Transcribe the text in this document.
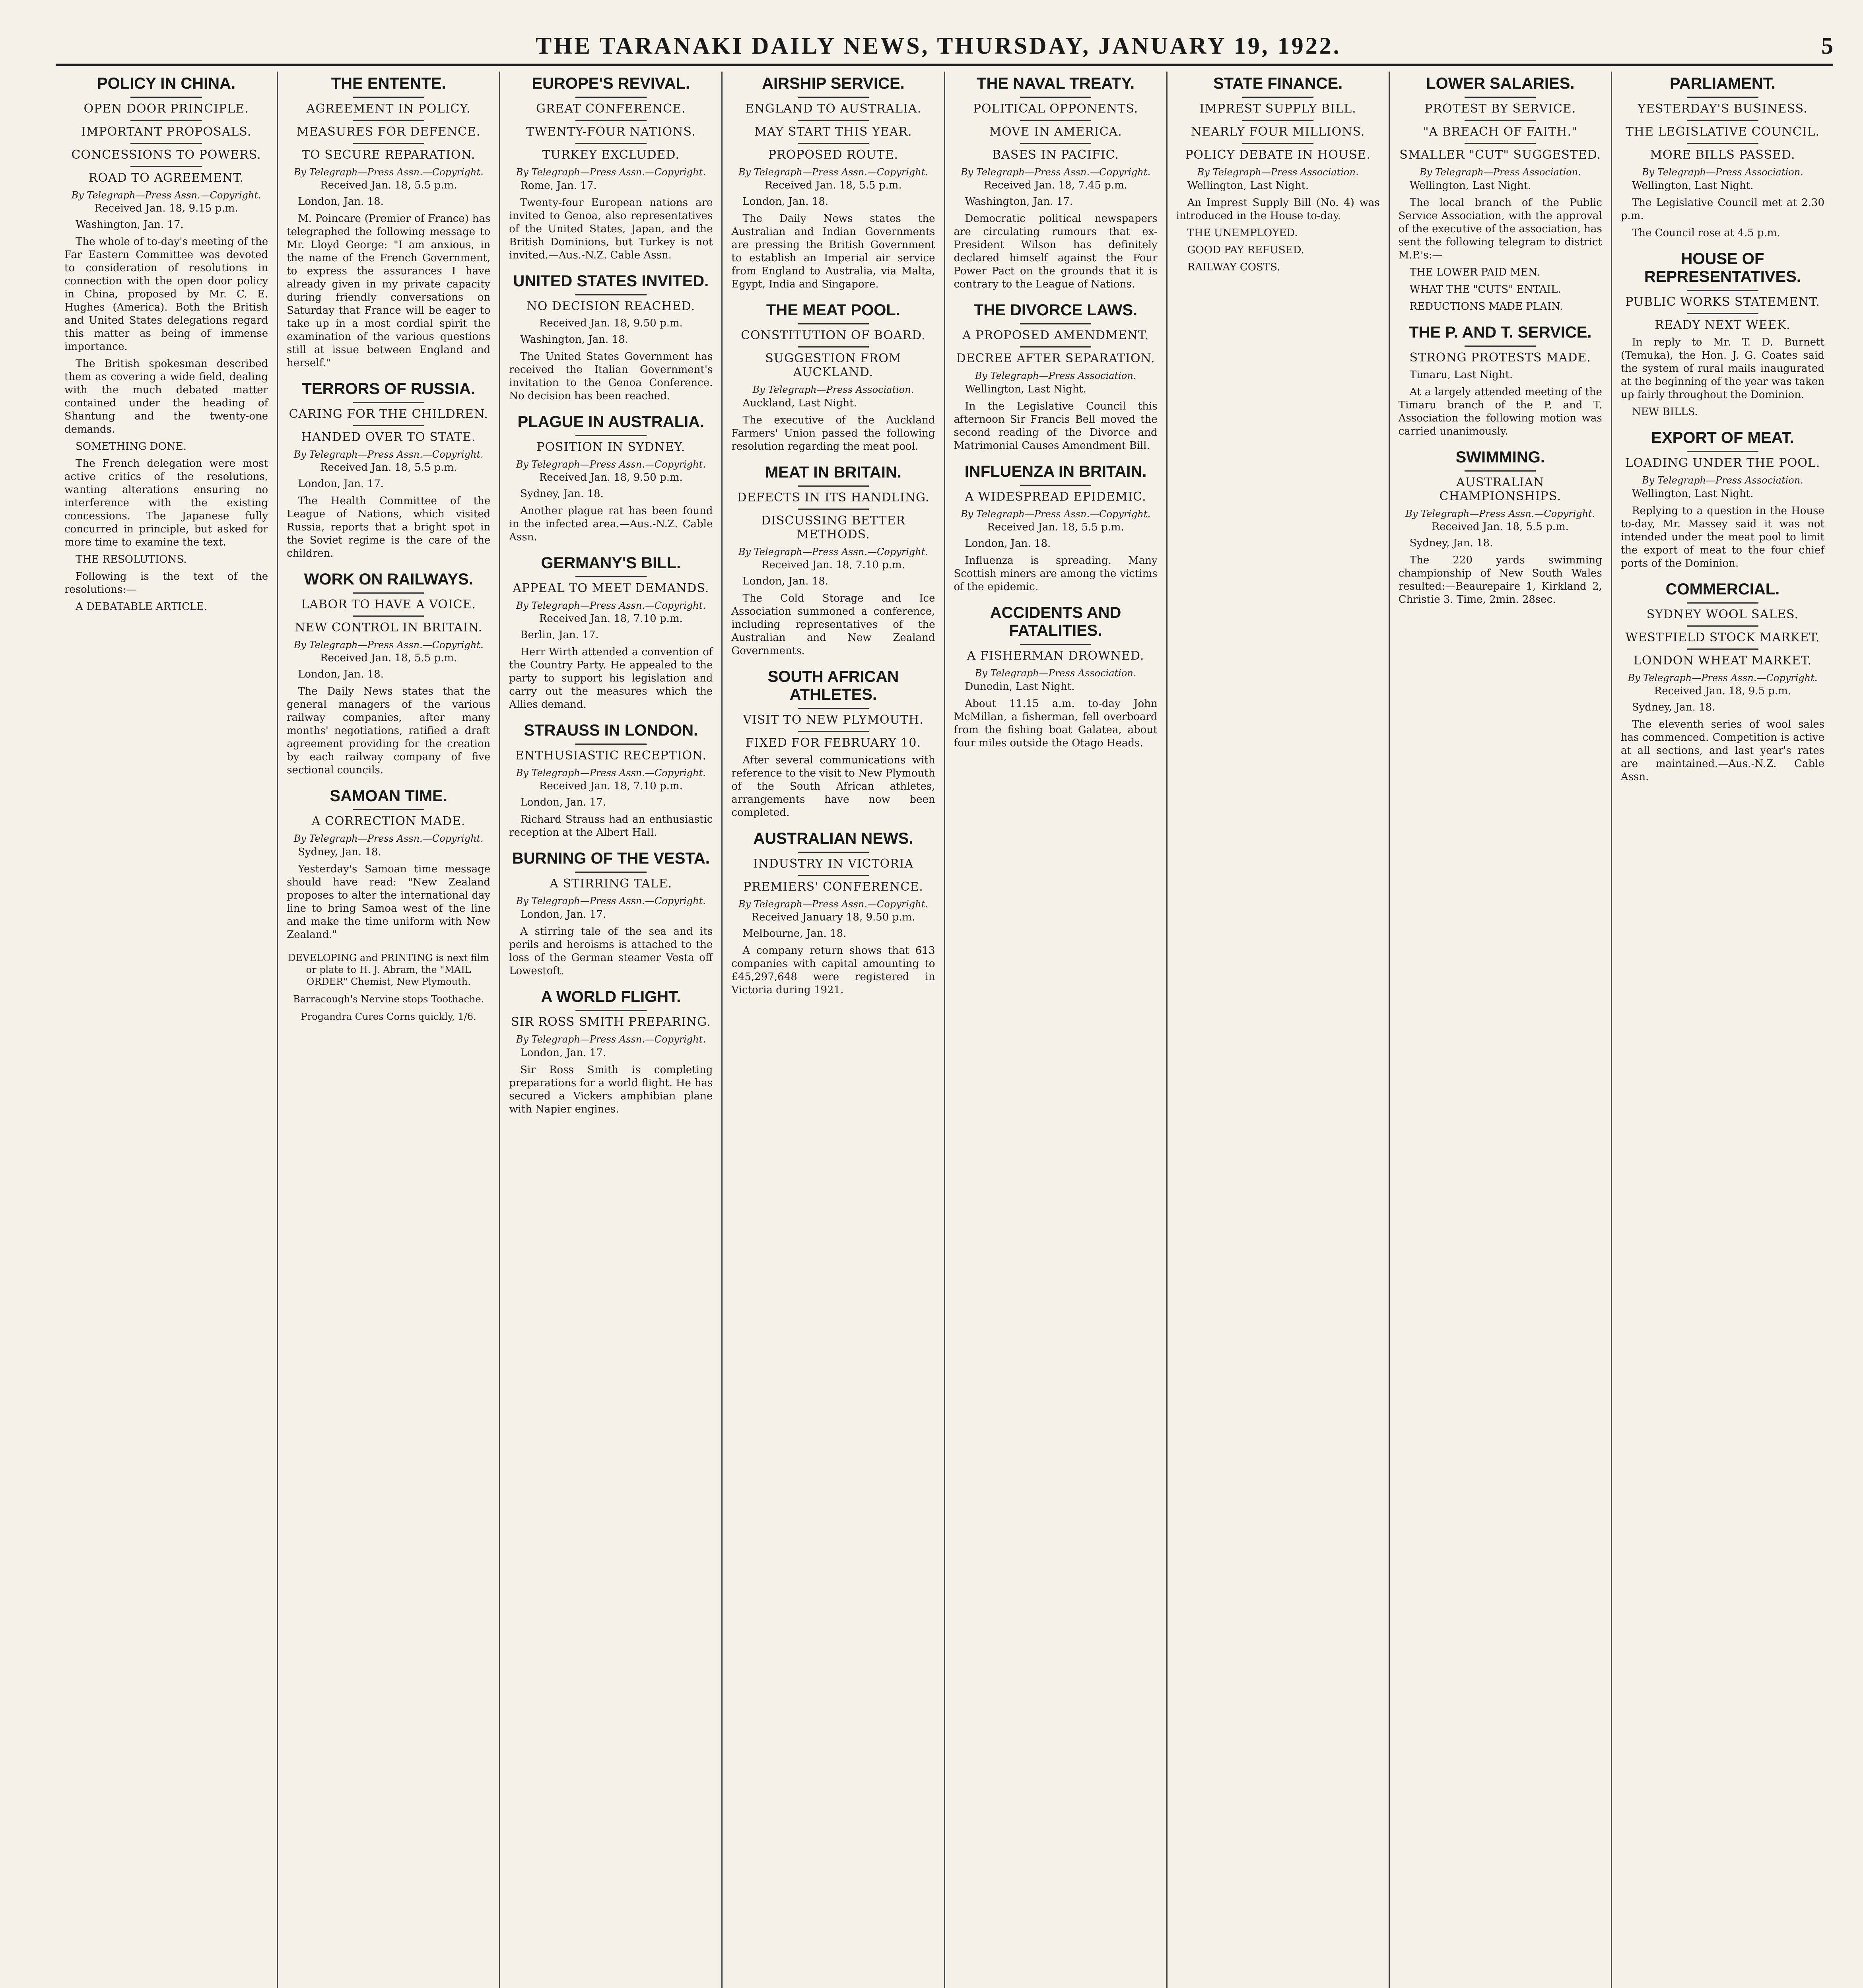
THE TARANAKI DAILY NEWS, THURSDAY, JANUARY 19, 1922.	5
POLICY IN CHINA.
OPEN DOOR PRINCIPLE.
IMPORTANT PROPOSALS.
CONCESSIONS TO POWERS.
ROAD TO AGREEMENT.
By Telegraph—Press Assn.—Copyright.
Received Jan. 18, 9.15 p.m.

Washington, Jan. 17.

The whole of to-day's meeting of the Far Eastern Committee was devoted to consideration of resolutions in connection with the open door policy in China, proposed by Mr. C. E. Hughes (America). Both the British and United States delegations regard this matter as being of immense importance.

The British spokesman described them as covering a wide field, dealing with the much debated matter contained under the heading of Shantung and the twenty-one demands.

SOMETHING DONE.

The French delegation were most active critics of the resolutions, wanting alterations ensuring no interference with the existing concessions. The Japanese fully concurred in principle, but asked for more time to examine the text.

THE RESOLUTIONS.

Following is the text of the resolutions:—

A DEBATABLE ARTICLE.

THE ENTENTE.
AGREEMENT IN POLICY.
MEASURES FOR DEFENCE.
TO SECURE REPARATION.
By Telegraph—Press Assn.—Copyright.
Received Jan. 18, 5.5 p.m.

London, Jan. 18.

M. Poincare (Premier of France) has telegraphed the following message to Mr. Lloyd George: "I am anxious, in the name of the French Government, to express the assurances I have already given in my private capacity during friendly conversations on Saturday that France will be eager to take up in a most cordial spirit the examination of the various questions still at issue between England and herself."

TERRORS OF RUSSIA.
CARING FOR THE CHILDREN.
HANDED OVER TO STATE.
By Telegraph—Press Assn.—Copyright.
Received Jan. 18, 5.5 p.m.

London, Jan. 17.

The Health Committee of the League of Nations, which visited Russia, reports that a bright spot in the Soviet regime is the care of the children.

WORK ON RAILWAYS.
LABOR TO HAVE A VOICE.
NEW CONTROL IN BRITAIN.
By Telegraph—Press Assn.—Copyright.
Received Jan. 18, 5.5 p.m.

London, Jan. 18.

The Daily News states that the general managers of the various railway companies, after many months' negotiations, ratified a draft agreement providing for the creation by each railway company of five sectional councils.

SAMOAN TIME.
A CORRECTION MADE.
By Telegraph—Press Assn.—Copyright.

Sydney, Jan. 18.

Yesterday's Samoan time message should have read: "New Zealand proposes to alter the international day line to bring Samoa west of the line and make the time uniform with New Zealand."

DEVELOPING and PRINTING is next film or plate to H. J. Abram, the "MAIL ORDER" Chemist, New Plymouth.

Barracough's Nervine stops Toothache.

Progandra Cures Corns quickly, 1/6.

EUROPE'S REVIVAL.
GREAT CONFERENCE.
TWENTY-FOUR NATIONS.
TURKEY EXCLUDED.
By Telegraph—Press Assn.—Copyright.

Rome, Jan. 17.

Twenty-four European nations are invited to Genoa, also representatives of the United States, Japan, and the British Dominions, but Turkey is not invited.—Aus.-N.Z. Cable Assn.

UNITED STATES INVITED.
NO DECISION REACHED.
Received Jan. 18, 9.50 p.m.

Washington, Jan. 18.

The United States Government has received the Italian Government's invitation to the Genoa Conference. No decision has been reached.

PLAGUE IN AUSTRALIA.
POSITION IN SYDNEY.
By Telegraph—Press Assn.—Copyright.
Received Jan. 18, 9.50 p.m.

Sydney, Jan. 18.

Another plague rat has been found in the infected area.—Aus.-N.Z. Cable Assn.

GERMANY'S BILL.
APPEAL TO MEET DEMANDS.
By Telegraph—Press Assn.—Copyright.
Received Jan. 18, 7.10 p.m.

Berlin, Jan. 17.

Herr Wirth attended a convention of the Country Party. He appealed to the party to support his legislation and carry out the measures which the Allies demand.

STRAUSS IN LONDON.
ENTHUSIASTIC RECEPTION.
By Telegraph—Press Assn.—Copyright.
Received Jan. 18, 7.10 p.m.

London, Jan. 17.

Richard Strauss had an enthusiastic reception at the Albert Hall.

BURNING OF THE VESTA.
A STIRRING TALE.
By Telegraph—Press Assn.—Copyright.

London, Jan. 17.

A stirring tale of the sea and its perils and heroisms is attached to the loss of the German steamer Vesta off Lowestoft.

A WORLD FLIGHT.
SIR ROSS SMITH PREPARING.
By Telegraph—Press Assn.—Copyright.

London, Jan. 17.

Sir Ross Smith is completing preparations for a world flight. He has secured a Vickers amphibian plane with Napier engines.

AIRSHIP SERVICE.
ENGLAND TO AUSTRALIA.
MAY START THIS YEAR.
PROPOSED ROUTE.
By Telegraph—Press Assn.—Copyright.
Received Jan. 18, 5.5 p.m.

London, Jan. 18.

The Daily News states the Australian and Indian Governments are pressing the British Government to establish an Imperial air service from England to Australia, via Malta, Egypt, India and Singapore.

THE MEAT POOL.
CONSTITUTION OF BOARD.
SUGGESTION FROM AUCKLAND.
By Telegraph—Press Association.

Auckland, Last Night.

The executive of the Auckland Farmers' Union passed the following resolution regarding the meat pool.

MEAT IN BRITAIN.
DEFECTS IN ITS HANDLING.
DISCUSSING BETTER METHODS.
By Telegraph—Press Assn.—Copyright.
Received Jan. 18, 7.10 p.m.

London, Jan. 18.

The Cold Storage and Ice Association summoned a conference, including representatives of the Australian and New Zealand Governments.

SOUTH AFRICAN ATHLETES.
VISIT TO NEW PLYMOUTH.
FIXED FOR FEBRUARY 10.

After several communications with reference to the visit to New Plymouth of the South African athletes, arrangements have now been completed.

AUSTRALIAN NEWS.
INDUSTRY IN VICTORIA
PREMIERS' CONFERENCE.
By Telegraph—Press Assn.—Copyright.
Received January 18, 9.50 p.m.

Melbourne, Jan. 18.

A company return shows that 613 companies with capital amounting to £45,297,648 were registered in Victoria during 1921.

THE NAVAL TREATY.
POLITICAL OPPONENTS.
MOVE IN AMERICA.
BASES IN PACIFIC.
By Telegraph—Press Assn.—Copyright.
Received Jan. 18, 7.45 p.m.

Washington, Jan. 17.

Democratic political newspapers are circulating rumours that ex-President Wilson has definitely declared himself against the Four Power Pact on the grounds that it is contrary to the League of Nations.

THE DIVORCE LAWS.
A PROPOSED AMENDMENT.
DECREE AFTER SEPARATION.
By Telegraph—Press Association.

Wellington, Last Night.

In the Legislative Council this afternoon Sir Francis Bell moved the second reading of the Divorce and Matrimonial Causes Amendment Bill.

INFLUENZA IN BRITAIN.
A WIDESPREAD EPIDEMIC.
By Telegraph—Press Assn.—Copyright.
Received Jan. 18, 5.5 p.m.

London, Jan. 18.

Influenza is spreading. Many Scottish miners are among the victims of the epidemic.

ACCIDENTS AND FATALITIES.
A FISHERMAN DROWNED.
By Telegraph—Press Association.

Dunedin, Last Night.

About 11.15 a.m. to-day John McMillan, a fisherman, fell overboard from the fishing boat Galatea, about four miles outside the Otago Heads.

STATE FINANCE.
IMPREST SUPPLY BILL.
NEARLY FOUR MILLIONS.
POLICY DEBATE IN HOUSE.
By Telegraph—Press Association.

Wellington, Last Night.

An Imprest Supply Bill (No. 4) was introduced in the House to-day.

THE UNEMPLOYED.

GOOD PAY REFUSED.

RAILWAY COSTS.

LOWER SALARIES.
PROTEST BY SERVICE.
"A BREACH OF FAITH."
SMALLER "CUT" SUGGESTED.
By Telegraph—Press Association.

Wellington, Last Night.

The local branch of the Public Service Association, with the approval of the executive of the association, has sent the following telegram to district M.P.'s:—

THE LOWER PAID MEN.

WHAT THE "CUTS" ENTAIL.

REDUCTIONS MADE PLAIN.

THE P. AND T. SERVICE.
STRONG PROTESTS MADE.

Timaru, Last Night.

At a largely attended meeting of the Timaru branch of the P. and T. Association the following motion was carried unanimously.

SWIMMING.
AUSTRALIAN CHAMPIONSHIPS.
By Telegraph—Press Assn.—Copyright.
Received Jan. 18, 5.5 p.m.

Sydney, Jan. 18.

The 220 yards swimming championship of New South Wales resulted:—Beaurepaire 1, Kirkland 2, Christie 3. Time, 2min. 28sec.

PARLIAMENT.
YESTERDAY'S BUSINESS.
THE LEGISLATIVE COUNCIL.
MORE BILLS PASSED.
By Telegraph—Press Association.

Wellington, Last Night.

The Legislative Council met at 2.30 p.m.

The Council rose at 4.5 p.m.

HOUSE OF REPRESENTATIVES.
PUBLIC WORKS STATEMENT.
READY NEXT WEEK.

In reply to Mr. T. D. Burnett (Temuka), the Hon. J. G. Coates said the system of rural mails inaugurated at the beginning of the year was taken up fairly throughout the Dominion.

NEW BILLS.

EXPORT OF MEAT.
LOADING UNDER THE POOL.
By Telegraph—Press Association.

Wellington, Last Night.

Replying to a question in the House to-day, Mr. Massey said it was not intended under the meat pool to limit the export of meat to the four chief ports of the Dominion.

COMMERCIAL.
SYDNEY WOOL SALES.
WESTFIELD STOCK MARKET.
LONDON WHEAT MARKET.
By Telegraph—Press Assn.—Copyright.
Received Jan. 18, 9.5 p.m.

Sydney, Jan. 18.

The eleventh series of wool sales has commenced. Competition is active at all sections, and last year's rates are maintained.—Aus.-N.Z. Cable Assn.
